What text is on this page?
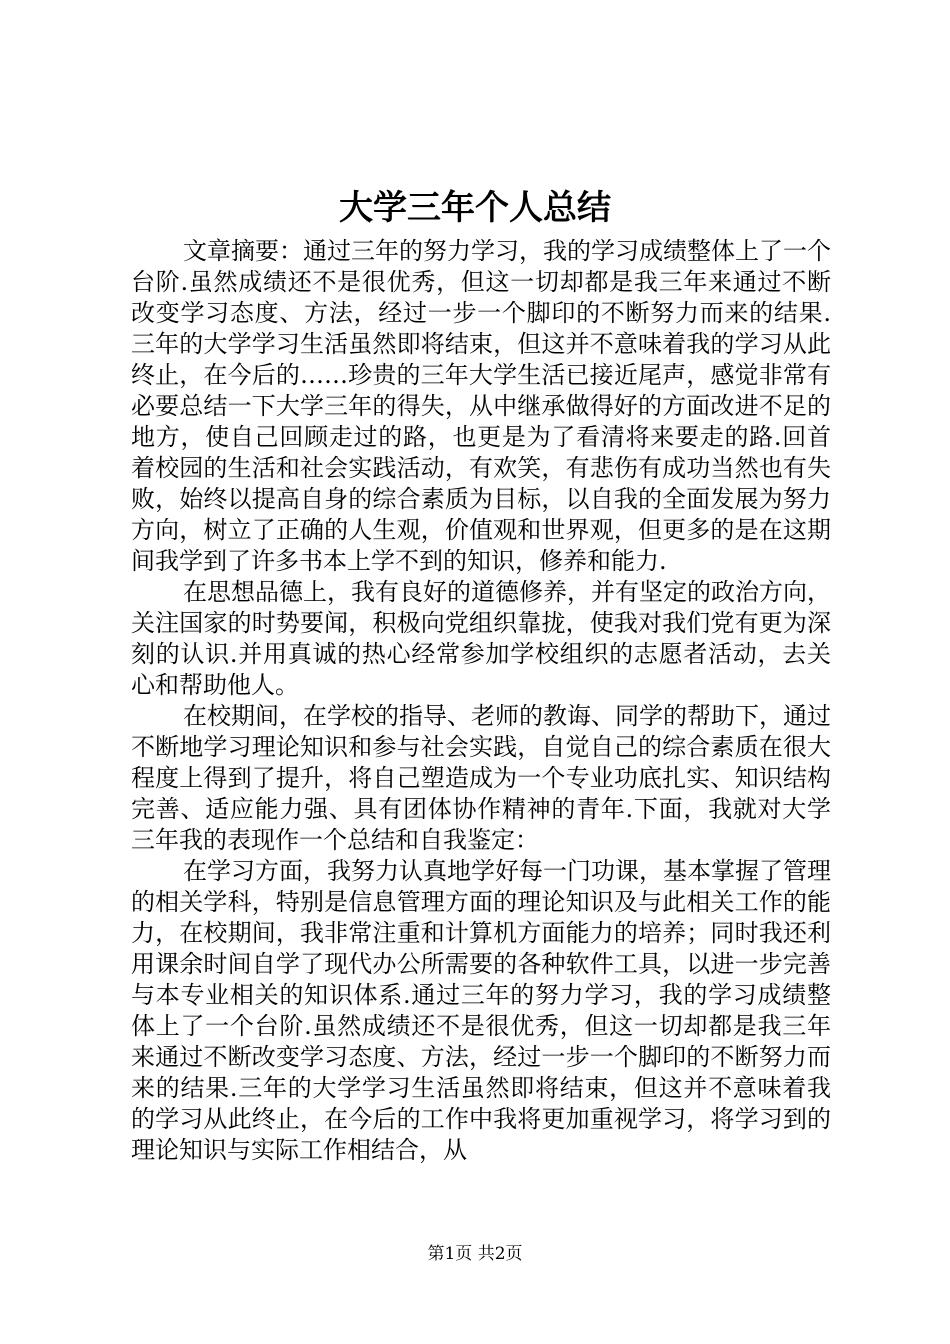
大学三年个人总结

文章摘要：通过三年的努力学习，我的学习成绩整体上了一个台阶.虽然成绩还不是很优秀，但这一切却都是我三年来通过不断改变学习态度、方法，经过一步一个脚印的不断努力而来的结果.三年的大学学习生活虽然即将结束，但这并不意味着我的学习从此终止，在今后的……珍贵的三年大学生活已接近尾声，感觉非常有必要总结一下大学三年的得失，从中继承做得好的方面改进不足的地方，使自己回顾走过的路，也更是为了看清将来要走的路.回首着校园的生活和社会实践活动，有欢笑，有悲伤有成功当然也有失败，始终以提高自身的综合素质为目标，以自我的全面发展为努力方向，树立了正确的人生观，价值观和世界观，但更多的是在这期间我学到了许多书本上学不到的知识，修养和能力.

在思想品德上，我有良好的道德修养，并有坚定的政治方向，关注国家的时势要闻，积极向党组织靠拢，使我对我们党有更为深刻的认识.并用真诚的热心经常参加学校组织的志愿者活动，去关心和帮助他人。

在校期间，在学校的指导、老师的教诲、同学的帮助下，通过不断地学习理论知识和参与社会实践，自觉自己的综合素质在很大程度上得到了提升，将自己塑造成为一个专业功底扎实、知识结构完善、适应能力强、具有团体协作精神的青年.下面，我就对大学三年我的表现作一个总结和自我鉴定：

在学习方面，我努力认真地学好每一门功课，基本掌握了管理的相关学科，特别是信息管理方面的理论知识及与此相关工作的能力，在校期间，我非常注重和计算机方面能力的培养；同时我还利用课余时间自学了现代办公所需要的各种软件工具，以进一步完善与本专业相关的知识体系.通过三年的努力学习，我的学习成绩整体上了一个台阶.虽然成绩还不是很优秀，但这一切却都是我三年来通过不断改变学习态度、方法，经过一步一个脚印的不断努力而来的结果.三年的大学学习生活虽然即将结束，但这并不意味着我的学习从此终止，在今后的工作中我将更加重视学习，将学习到的理论知识与实际工作相结合，从

第1页 共2页
